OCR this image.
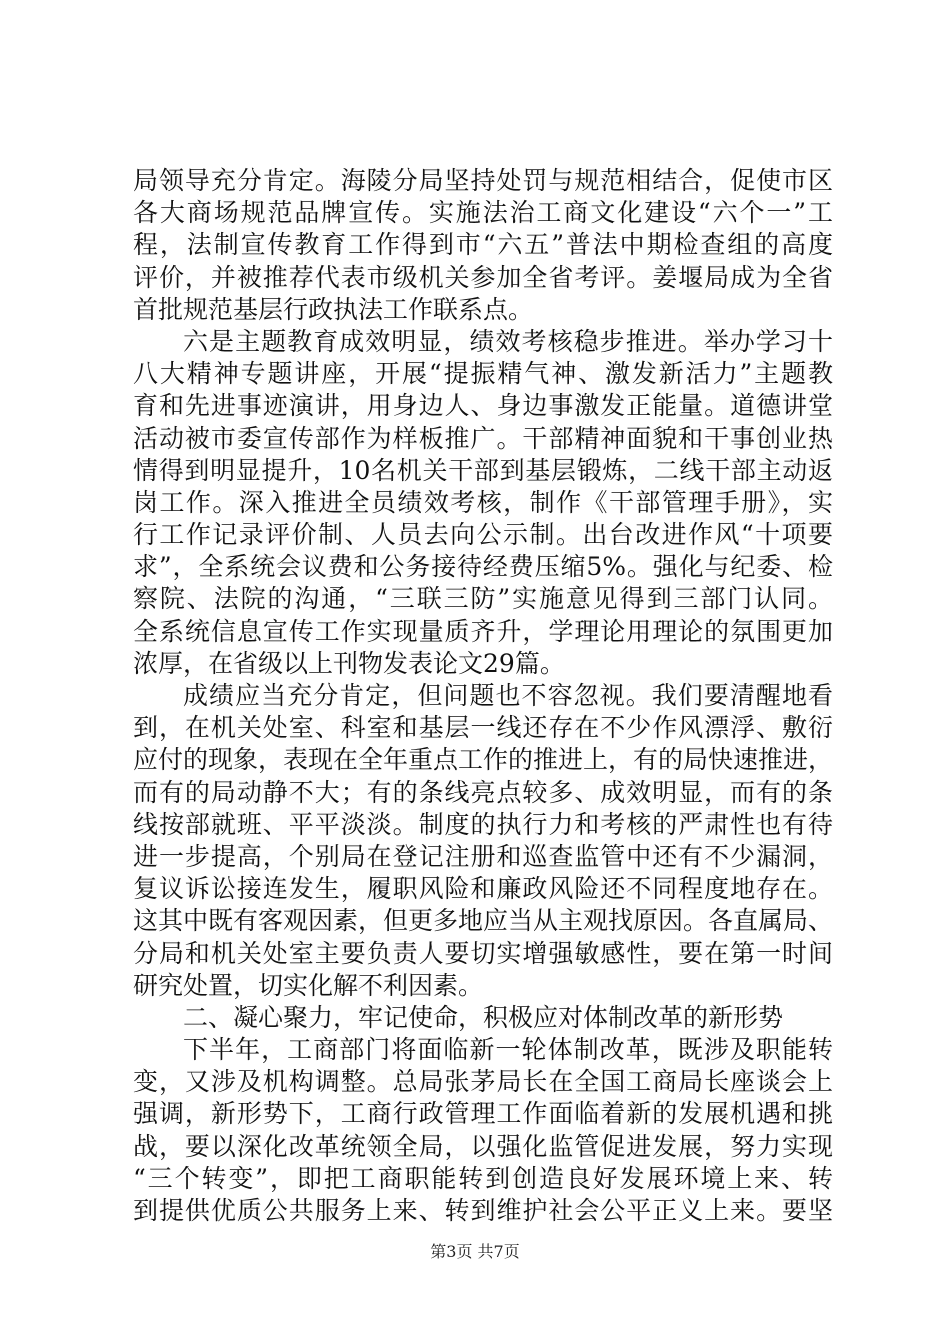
局领导充分肯定。海陵分局坚持处罚与规范相结合，促使市区
各大商场规范品牌宣传。实施法治工商文化建设“六个一”工
程，法制宣传教育工作得到市“六五”普法中期检查组的高度
评价，并被推荐代表市级机关参加全省考评。姜堰局成为全省
首批规范基层行政执法工作联系点。
六是主题教育成效明显，绩效考核稳步推进。举办学习十
八大精神专题讲座，开展“提振精气神、激发新活力”主题教
育和先进事迹演讲，用身边人、身边事激发正能量。道德讲堂
活动被市委宣传部作为样板推广。干部精神面貌和干事创业热
情得到明显提升，10名机关干部到基层锻炼，二线干部主动返
岗工作。深入推进全员绩效考核，制作《干部管理手册》，实
行工作记录评价制、人员去向公示制。出台改进作风“十项要
求”，全系统会议费和公务接待经费压缩5%。强化与纪委、检
察院、法院的沟通，“三联三防”实施意见得到三部门认同。
全系统信息宣传工作实现量质齐升，学理论用理论的氛围更加
浓厚，在省级以上刊物发表论文29篇。
成绩应当充分肯定，但问题也不容忽视。我们要清醒地看
到，在机关处室、科室和基层一线还存在不少作风漂浮、敷衍
应付的现象，表现在全年重点工作的推进上，有的局快速推进，
而有的局动静不大；有的条线亮点较多、成效明显，而有的条
线按部就班、平平淡淡。制度的执行力和考核的严肃性也有待
进一步提高，个别局在登记注册和巡查监管中还有不少漏洞，
复议诉讼接连发生，履职风险和廉政风险还不同程度地存在。
这其中既有客观因素，但更多地应当从主观找原因。各直属局、
分局和机关处室主要负责人要切实增强敏感性，要在第一时间
研究处置，切实化解不利因素。
二、凝心聚力，牢记使命，积极应对体制改革的新形势
下半年，工商部门将面临新一轮体制改革，既涉及职能转
变，又涉及机构调整。总局张茅局长在全国工商局长座谈会上
强调，新形势下，工商行政管理工作面临着新的发展机遇和挑
战，要以深化改革统领全局，以强化监管促进发展，努力实现
“三个转变”，即把工商职能转到创造良好发展环境上来、转
到提供优质公共服务上来、转到维护社会公平正义上来。要坚
第3页 共7页
